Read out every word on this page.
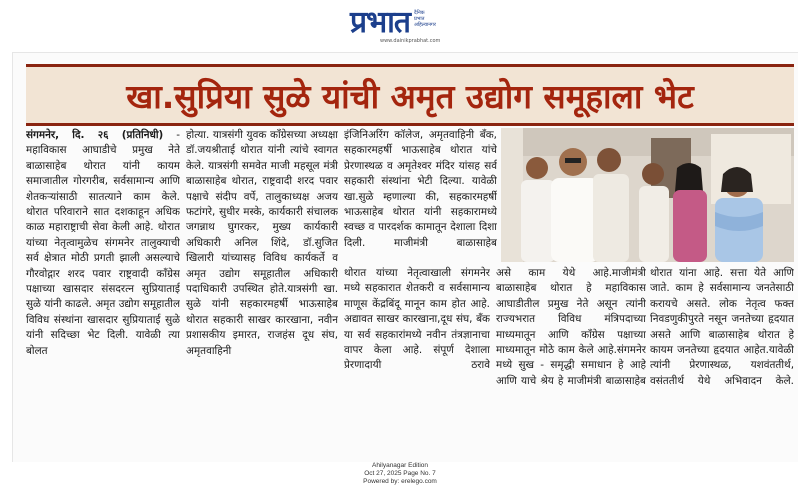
प्रभात दैनिक
प्रभात
अहिल्यानगर
www.dainikprabhat.com
खा.सुप्रिया सुळे यांची अमृत उद्योग समूहाला भेट

संगमनेर, दि. २६ (प्रतिनिधी) - महाविकास आघाडीचे प्रमुख नेते बाळासाहेब थोरात यांनी कायम समाजातील गोरगरीब, सर्वसामान्य आणि शेतकऱ्यांसाठी सातत्याने काम केले. थोरात परिवाराने सात दशकाहून अधिक काळ महाराष्ट्राची सेवा केली आहे. थोरात यांच्या नेतृत्वामुळेच संगमनेर तालुक्याची सर्व क्षेत्रात मोठी प्रगती झाली असल्याचे गौरवोद्गार शरद पवार राष्ट्रवादी काँग्रेस पक्षाच्या खासदार संसदरत्न सुप्रियाताई सुळे यांनी काढले. अमृत उद्योग समूहातील विविध संस्थांना खासदार सुप्रियाताई सुळे यांनी सदिच्छा भेट दिली. यावेळी त्या बोलत

होत्या. यात्रसंगी युवक काँग्रेसच्या अध्यक्षा डॉ.जयश्रीताई थोरात यांनी त्यांचे स्वागत केले. यात्रसंगी समवेत माजी महसूल मंत्री बाळासाहेब थोरात, राष्ट्रवादी शरद पवार पक्षाचे संदीप वर्पे, तालुकाध्यक्ष अजय फटांगरे, सुधीर मस्के, कार्यकारी संचालक जगन्नाथ घुगरकर, मुख्य कार्यकारी अधिकारी अनिल शिंदे, डॉ.सुजित खिलारी यांच्यासह विविध कार्यकर्ते व अमृत उद्योग समूहातील अधिकारी पदाधिकारी उपस्थित होते.यात्रसंगी खा. सुळे यांनी सहकारमहर्षी भाऊसाहेब थोरात सहकारी साखर कारखाना, नवीन प्रशासकीय इमारत, राजहंस दूध संघ, अमृतवाहिनी

इंजिनिअरिंग कॉलेज, अमृतवाहिनी बँक, सहकारमहर्षी भाऊसाहेब थोरात यांचे प्रेरणास्थळ व अमृतेश्वर मंदिर यांसह सर्व सहकारी संस्थांना भेटी दिल्या. यावेळी खा.सुळे म्हणाल्या की, सहकारमहर्षी भाऊसाहेब थोरात यांनी सहकारामध्ये स्वच्छ व पारदर्शक कामातून देशाला दिशा दिली. माजीमंत्री बाळासाहेब

थोरात यांच्या नेतृत्वाखाली संगमनेर मध्ये सहकारात शेतकरी व सर्वसामान्य माणूस केंद्रबिंदू मानून काम होत आहे. अद्यावत साखर कारखाना,दूध संघ, बँक या सर्व सहकारांमध्ये नवीन तंत्रज्ञानाचा वापर केला आहे. संपूर्ण देशाला प्रेरणादायी ठरावे

असे काम येथे आहे.माजीमंत्री बाळासाहेब थोरात हे महाविकास आघाडीतील प्रमुख नेते असून त्यांनी राज्यभरात विविध मंत्रिपदाच्या माध्यमातून आणि काँग्रेस पक्षाच्या माध्यमातून मोठे काम केले आहे.संगमनेर मध्ये सुख - समृद्धी समाधान हे आहे आणि याचे श्रेय हे माजीमंत्री बाळासाहेब

थोरात यांना आहे. सत्ता येते आणि जाते. काम हे सर्वसामान्य जनतेसाठी करायचे असते. लोक नेतृत्व फक्त निवडणुकीपुरते नसून जनतेच्या हृदयात असते आणि बाळासाहेब थोरात हे कायम जनतेच्या हृदयात आहेत.यावेळी त्यांनी प्रेरणास्थळ, यशवंततीर्थ, वसंततीर्थ येथे अभिवादन केले.

Ahilyanagar Edition
Oct 27, 2025 Page No. 7
Powered by: erelego.com
